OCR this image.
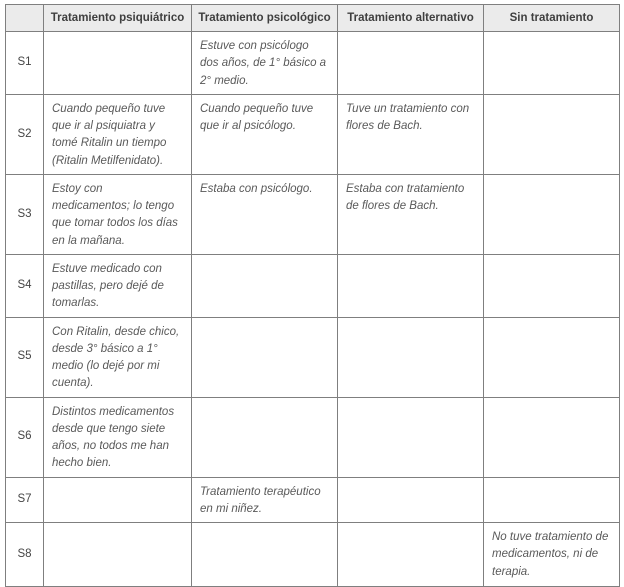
	Tratamiento psiquiátrico	Tratamiento psicológico	Tratamiento alternativo	Sin tratamiento
S1		Estuve con psicólogo dos años, de 1° básico a 2° medio.		
S2	Cuando pequeño tuve que ir al psiquiatra y tomé Ritalin un tiempo (Ritalin Metilfenidato).	Cuando pequeño tuve que ir al psicólogo.	Tuve un tratamiento con flores de Bach.	
S3	Estoy con medicamentos; lo tengo que tomar todos los días en la mañana.	Estaba con psicólogo.	Estaba con tratamiento de flores de Bach.	
S4	Estuve medicado con pastillas, pero dejé de tomarlas.			
S5	Con Ritalin, desde chico, desde 3° básico a 1° medio (lo dejé por mi cuenta).			
S6	Distintos medicamentos desde que tengo siete años, no todos me han hecho bien.			
S7		Tratamiento terapéutico en mi niñez.		
S8				No tuve tratamiento de medicamentos, ni de terapia.
